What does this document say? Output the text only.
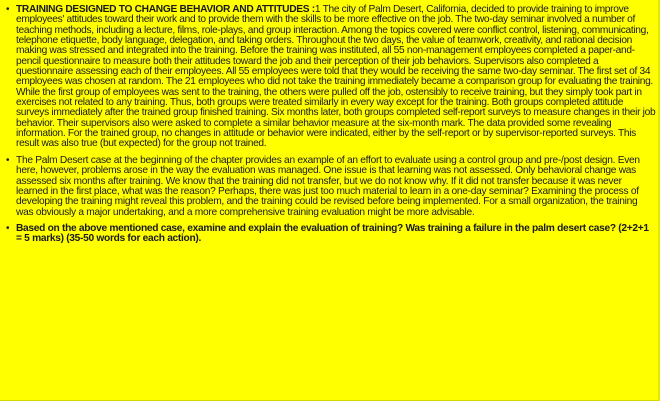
• TRAINING DESIGNED TO CHANGE BEHAVIOR AND ATTITUDES :1 The city of Palm Desert, California, decided to provide training to improve employees' attitudes toward their work and to provide them with the skills to be more effective on the job. The two-day seminar involved a number of teaching methods, including a lecture, films, role-plays, and group interaction. Among the topics covered were conflict control, listening, communicating, telephone etiquette, body language, delegation, and taking orders. Throughout the two days, the value of teamwork, creativity, and rational decision making was stressed and integrated into the training. Before the training was instituted, all 55 non-management employees completed a paper-and-pencil questionnaire to measure both their attitudes toward the job and their perception of their job behaviors. Supervisors also completed a questionnaire assessing each of their employees. All 55 employees were told that they would be receiving the same two-day seminar. The first set of 34 employees was chosen at random. The 21 employees who did not take the training immediately became a comparison group for evaluating the training. While the first group of employees was sent to the training, the others were pulled off the job, ostensibly to receive training, but they simply took part in exercises not related to any training. Thus, both groups were treated similarly in every way except for the training. Both groups completed attitude surveys immediately after the trained group finished training. Six months later, both groups completed self-report surveys to measure changes in their job behavior. Their supervisors also were asked to complete a similar behavior measure at the six-month mark. The data provided some revealing information. For the trained group, no changes in attitude or behavior were indicated, either by the self-report or by supervisor-reported surveys. This result was also true (but expected) for the group not trained.
• The Palm Desert case at the beginning of the chapter provides an example of an effort to evaluate using a control group and pre-/post design. Even here, however, problems arose in the way the evaluation was managed. One issue is that learning was not assessed. Only behavioral change was assessed six months after training. We know that the training did not transfer, but we do not know why. If it did not transfer because it was never learned in the first place, what was the reason? Perhaps, there was just too much material to learn in a one-day seminar? Examining the process of developing the training might reveal this problem, and the training could be revised before being implemented. For a small organization, the training was obviously a major undertaking, and a more comprehensive training evaluation might be more advisable.
• Based on the above mentioned case, examine and explain the evaluation of training? Was training a failure in the palm desert case? (2+2+1 = 5 marks) (35-50 words for each action).
